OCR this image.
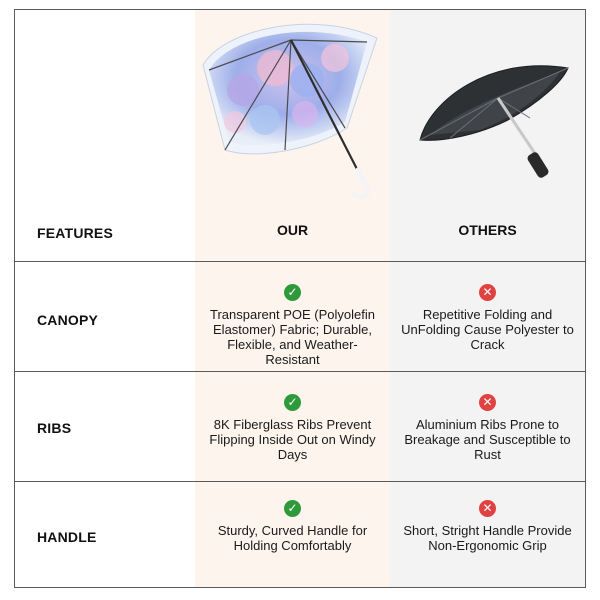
FEATURES	OUR	OTHERS
CANOPY
✓
Transparent POE (Polyolefin Elastomer) Fabric; Durable, Flexible, and Weather-Resistant
✕
Repetitive Folding and UnFolding Cause Polyester to Crack
RIBS
✓
8K Fiberglass Ribs Prevent Flipping Inside Out on Windy Days
✕
Aluminium Ribs Prone to Breakage and Susceptible to Rust
HANDLE
✓
Sturdy, Curved Handle for Holding Comfortably
✕
Short, Stright Handle Provide Non-Ergonomic Grip
